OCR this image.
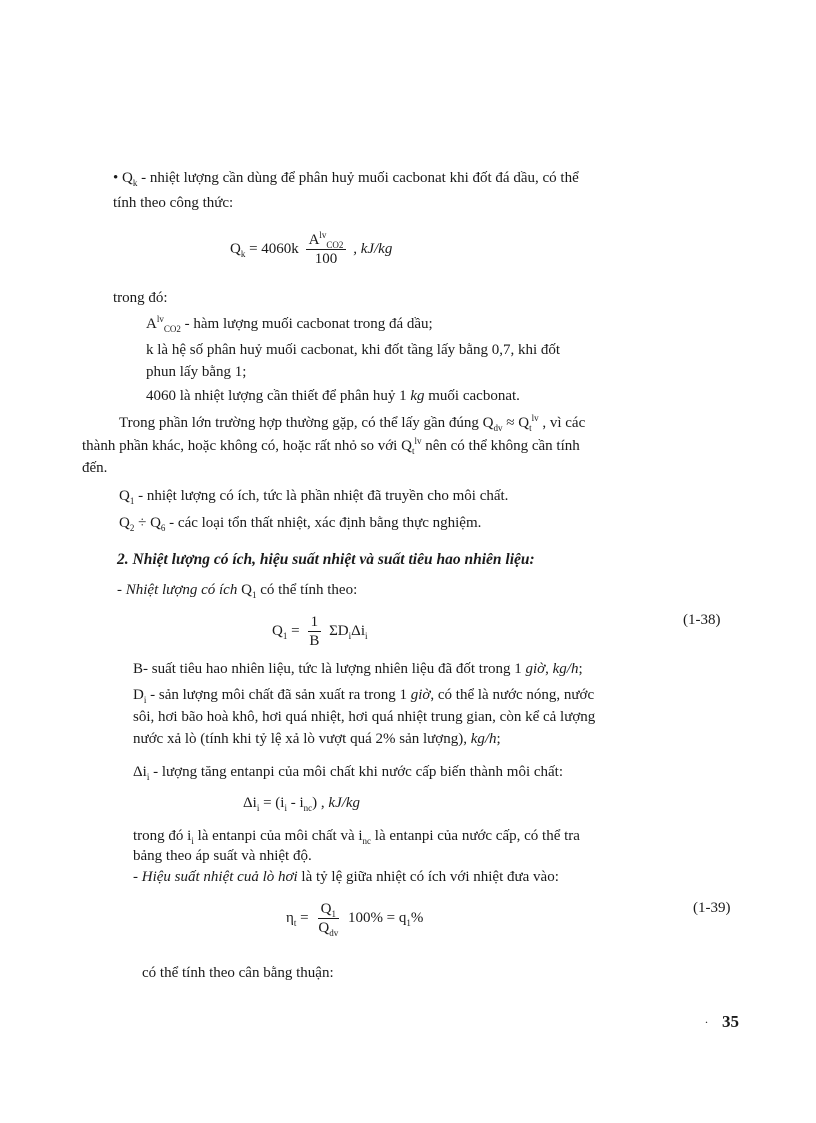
• $Q_k$ - nhiệt lượng cần dùng để phân huỷ muối cacbonat khi đốt đá dầu, có thể
tính theo công thức:
$Q_k = 4060k \frac{A^{lv}_{CO2}}{100}$ , kJ/kg
trong đó:
$A^{lv}_{CO2}$ - hàm lượng muối cacbonat trong đá dầu;
k là hệ số phân huỷ muối cacbonat, khi đốt tầng lấy bằng 0,7, khi đốt
phun lấy bằng 1;
4060 là nhiệt lượng cần thiết để phân huỷ 1 kg muối cacbonat.
Trong phần lớn trường hợp thường gặp, có thể lấy gần đúng $Q_{dv} \approx Q_t^{lv}$ , vì các
thành phần khác, hoặc không có, hoặc rất nhỏ so với $Q_t^{lv}$ nên có thể không cần tính
đến.
$Q_1$ - nhiệt lượng có ích, tức là phần nhiệt đã truyền cho môi chất.
$Q_2 \div Q_6$ - các loại tổn thất nhiệt, xác định bằng thực nghiệm.
2. Nhiệt lượng có ích, hiệu suất nhiệt và suất tiêu hao nhiên liệu:
- Nhiệt lượng có ích $Q_1$ có thể tính theo:
$Q_1 = \frac{1}{B} \Sigma D_i\Delta i_i$
(1-38)
B- suất tiêu hao nhiên liệu, tức là lượng nhiên liệu đã đốt trong 1 giờ, kg/h;
$D_i$ - sản lượng môi chất đã sản xuất ra trong 1 giờ, có thể là nước nóng, nước
sôi, hơi bão hoà khô, hơi quá nhiệt, hơi quá nhiệt trung gian, còn kể cả lượng
nước xả lò (tính khi tỷ lệ xả lò vượt quá 2% sản lượng), kg/h;
$\Delta i_i$ - lượng tăng entanpi của môi chất khi nước cấp biến thành môi chất:
$\Delta i_i = (i_i - i_{nc})$ , kJ/kg
trong đó $i_i$ là entanpi của môi chất và $i_{nc}$ là entanpi của nước cấp, có thể tra
bảng theo áp suất và nhiệt độ.
- Hiệu suất nhiệt cuả lò hơi là tỷ lệ giữa nhiệt có ích với nhiệt đưa vào:
$\eta_t = \frac{Q_1}{Q_{dv}} 100\% = q_1\%$
(1-39)
có thể tính theo cân bằng thuận:
. 35
